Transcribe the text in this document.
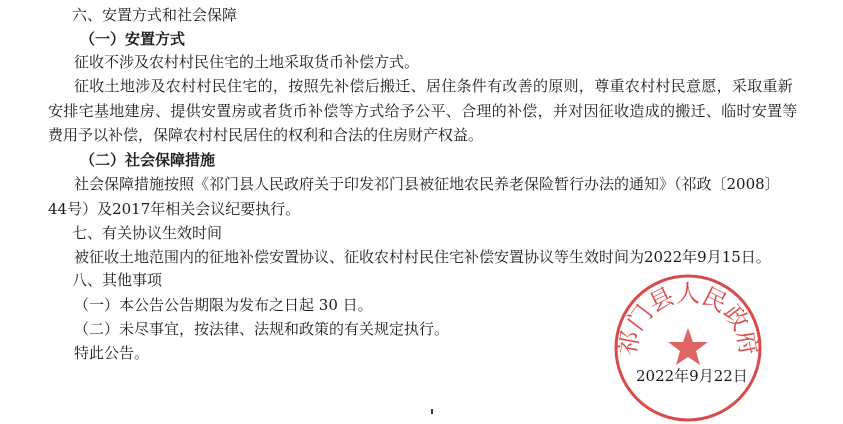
六、安置方式和社会保障
（一）安置方式
征收不涉及农村村民住宅的土地采取货币补偿方式。
征收土地涉及农村村民住宅的，按照先补偿后搬迁、居住条件有改善的原则，尊重农村村民意愿，采取重新
安排宅基地建房、提供安置房或者货币补偿等方式给予公平、合理的补偿，并对因征收造成的搬迁、临时安置等
费用予以补偿，保障农村村民居住的权利和合法的住房财产权益。
（二）社会保障措施
社会保障措施按照《祁门县人民政府关于印发祁门县被征地农民养老保险暂行办法的通知》（祁政〔2008〕
44号）及2017年相关会议纪要执行。
七、有关协议生效时间
被征收土地范围内的征地补偿安置协议、征收农村村民住宅补偿安置协议等生效时间为2022年9月15日。
八、其他事项
（一）本公告公告期限为发布之日起 30 日。
（二）未尽事宜，按法律、法规和政策的有关规定执行。
特此公告。	祁门县人民政府
2022年9月22日
